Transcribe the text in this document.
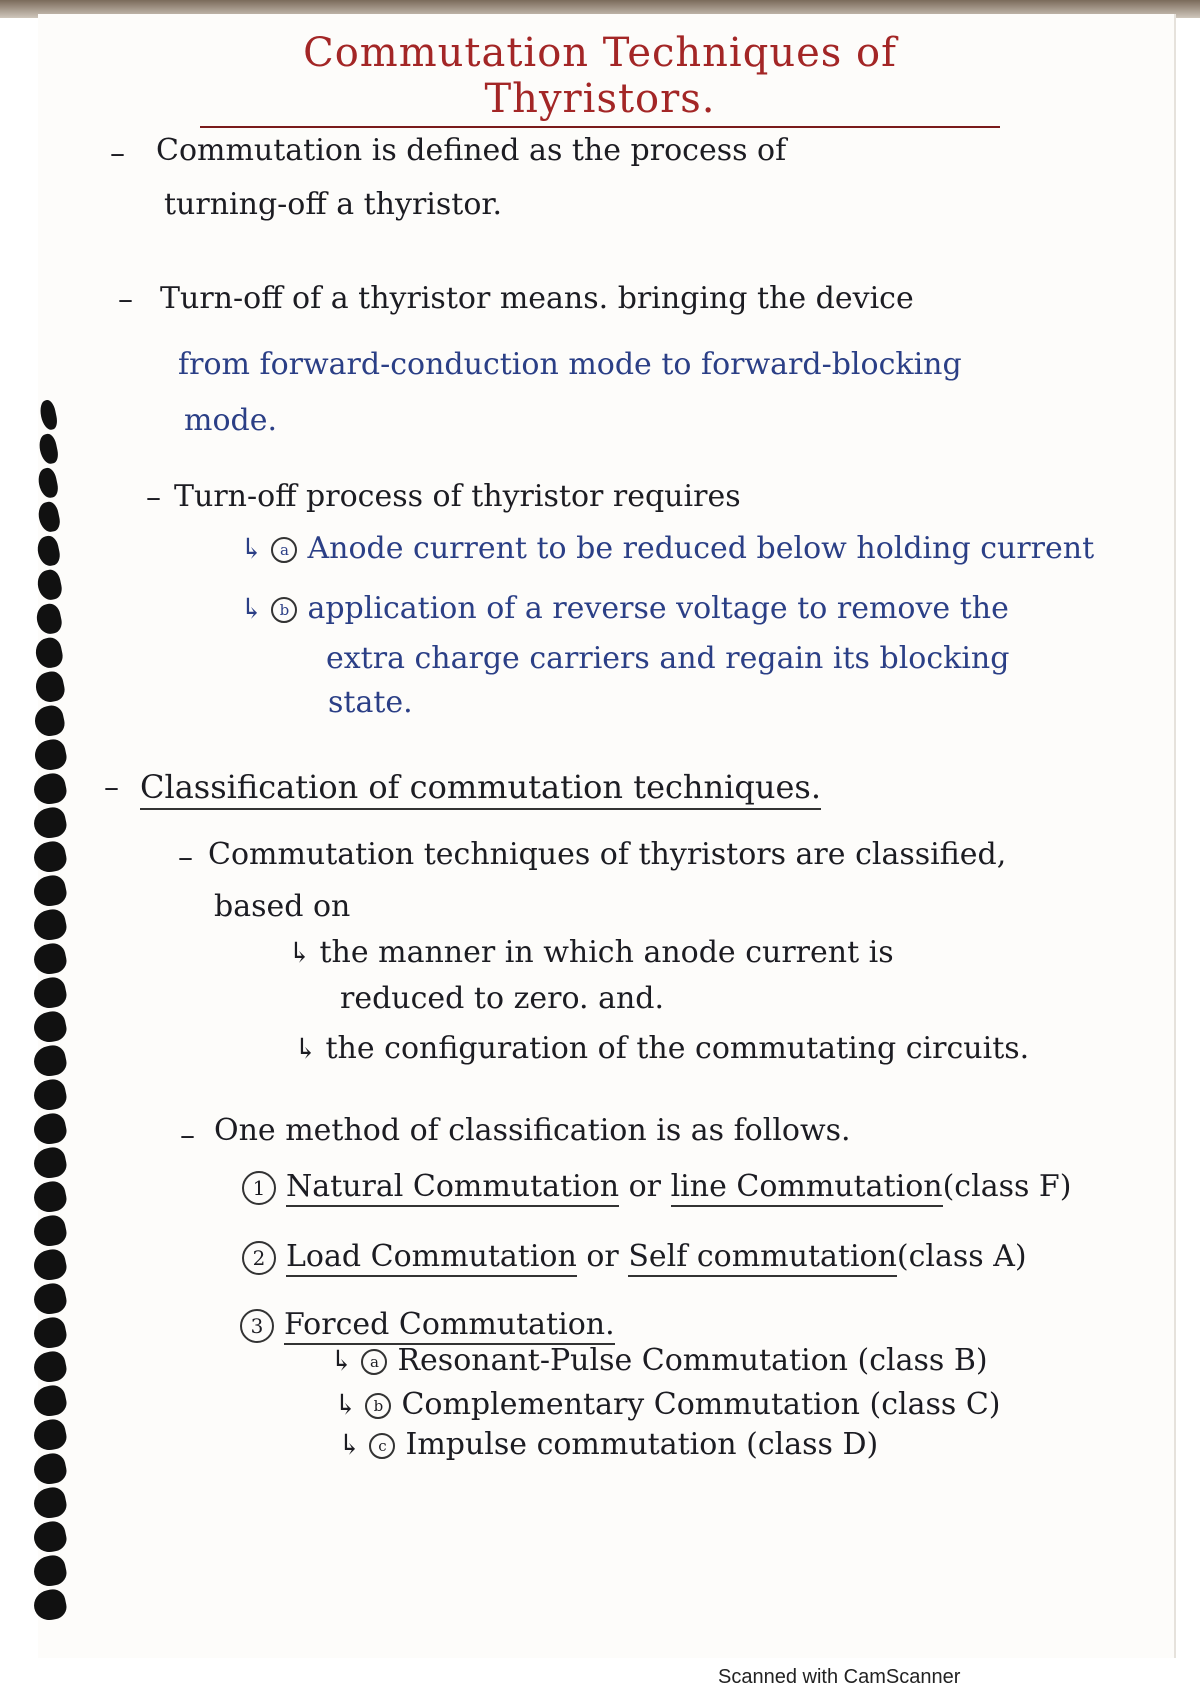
Commutation Techniques of Thyristors.
– Commutation is defined as the process of
turning-off a thyristor.
– Turn-off of a thyristor means. bringing the device
from forward-conduction mode to forward-blocking
mode.
– Turn-off process of thyristor requires
↳ a Anode current to be reduced below holding current
↳ b application of a reverse voltage to remove the
extra charge carriers and regain its blocking
state.
– Classification of commutation techniques.
– Commutation techniques of thyristors are classified,
based on
↳ the manner in which anode current is
reduced to zero. and.
↳ the configuration of the commutating circuits.
– One method of classification is as follows.
1 Natural Commutation or line Commutation(class F)
2 Load Commutation or Self commutation(class A)
3 Forced Commutation.
↳ a Resonant-Pulse Commutation (class B)
↳ b Complementary Commutation (class C)
↳ c Impulse commutation (class D)
Scanned with CamScanner
